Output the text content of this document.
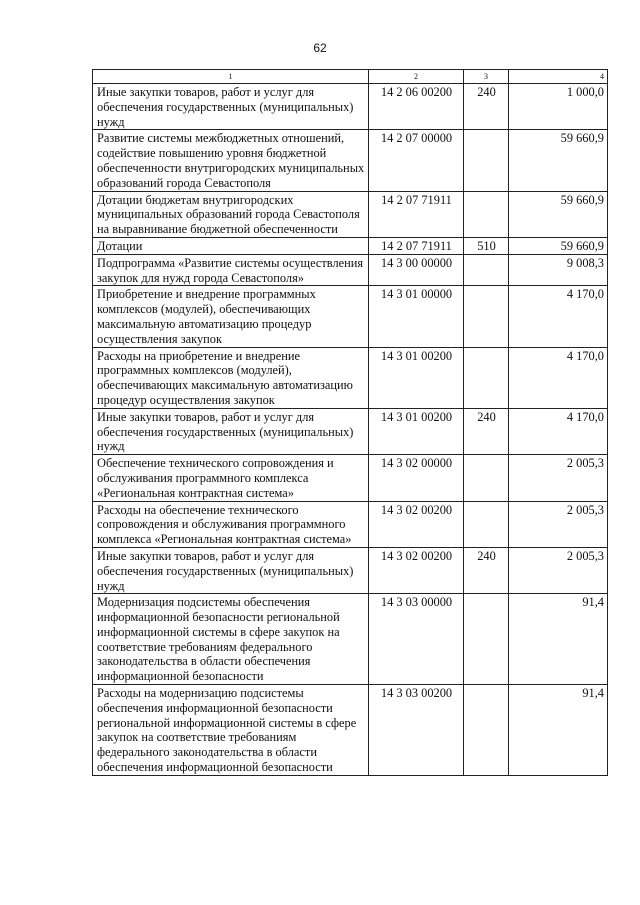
62
1	2	3	4
Иные закупки товаров, работ и услуг для обеспечения государственных (муниципальных) нужд	14 2 06 00200	240	1 000,0
Развитие системы межбюджетных отношений, содействие повышению уровня бюджетной обеспеченности внутригородских муниципальных образований города Севастополя	14 2 07 00000		59 660,9
Дотации бюджетам внутригородских муниципальных образований города Севастополя на выравнивание бюджетной обеспеченности	14 2 07 71911		59 660,9
Дотации	14 2 07 71911	510	59 660,9
Подпрограмма «Развитие системы осуществления закупок для нужд города Севастополя»	14 3 00 00000		9 008,3
Приобретение и внедрение программных комплексов (модулей), обеспечивающих максимальную автоматизацию процедур осуществления закупок	14 3 01 00000		4 170,0
Расходы на приобретение и внедрение программных комплексов (модулей), обеспечивающих максимальную автоматизацию процедур осуществления закупок	14 3 01 00200		4 170,0
Иные закупки товаров, работ и услуг для обеспечения государственных (муниципальных) нужд	14 3 01 00200	240	4 170,0
Обеспечение технического сопровождения и обслуживания программного комплекса «Региональная контрактная система»	14 3 02 00000		2 005,3
Расходы на обеспечение технического сопровождения и обслуживания программного комплекса «Региональная контрактная система»	14 3 02 00200		2 005,3
Иные закупки товаров, работ и услуг для обеспечения государственных (муниципальных) нужд	14 3 02 00200	240	2 005,3
Модернизация подсистемы обеспечения информационной безопасности региональной информационной системы в сфере закупок на соответствие требованиям федерального законодательства в области обеспечения информационной безопасности	14 3 03 00000		91,4
Расходы на модернизацию подсистемы обеспечения информационной безопасности региональной информационной системы в сфере закупок на соответствие требованиям федерального законодательства в области обеспечения информационной безопасности	14 3 03 00200		91,4
